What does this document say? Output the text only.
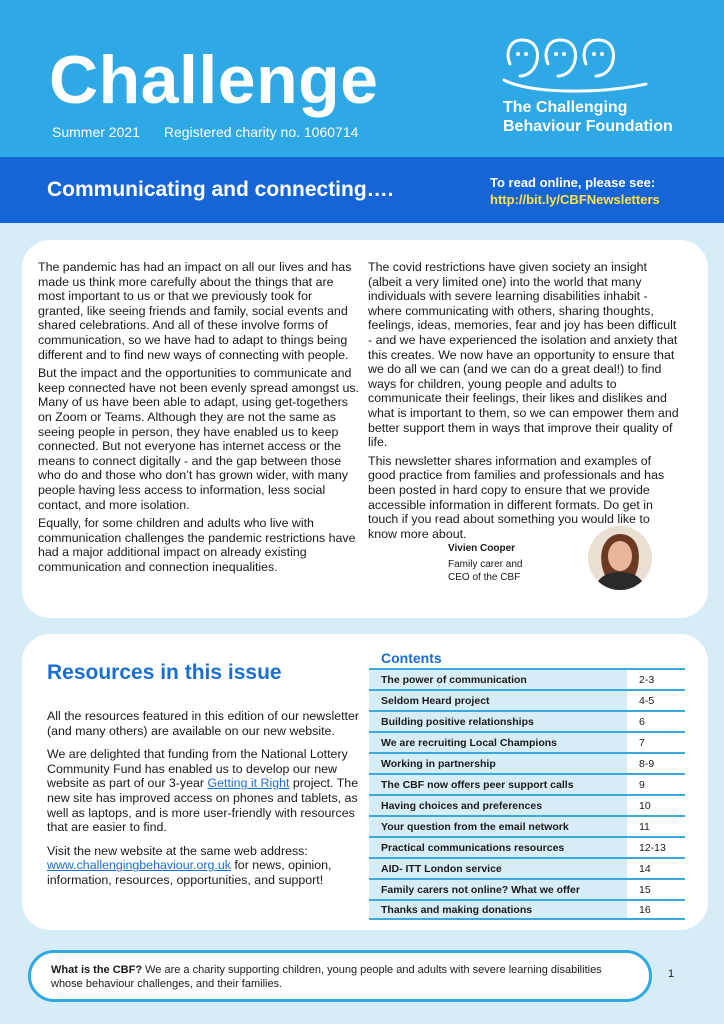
Challenge
Summer 2021 Registered charity no. 1060714
The Challenging
Behaviour Foundation
Communicating and connecting….	To read online, please see:
http://bit.ly/CBFNewsletters

The pandemic has had an impact on all our lives and has made us think more carefully about the things that are most important to us or that we previously took for granted, like seeing friends and family, social events and shared celebrations. And all of these involve forms of communication, so we have had to adapt to things being different and to find new ways of connecting with people.

But the impact and the opportunities to communicate and keep connected have not been evenly spread amongst us. Many of us have been able to adapt, using get-togethers on Zoom or Teams. Although they are not the same as seeing people in person, they have enabled us to keep connected. But not everyone has internet access or the means to connect digitally - and the gap between those who do and those who don’t has grown wider, with many people having less access to information, less social contact, and more isolation.

Equally, for some children and adults who live with communication challenges the pandemic restrictions have had a major additional impact on already existing communication and connection inequalities.

The covid restrictions have given society an insight (albeit a very limited one) into the world that many individuals with severe learning disabilities inhabit - where communicating with others, sharing thoughts, feelings, ideas, memories, fear and joy has been difficult - and we have experienced the isolation and anxiety that this creates. We now have an opportunity to ensure that we do all we can (and we can do a great deal!) to find ways for children, young people and adults to communicate their feelings, their likes and dislikes and what is important to them, so we can empower them and better support them in ways that improve their quality of life.

This newsletter shares information and examples of good practice from families and professionals and has been posted in hard copy to ensure that we provide accessible information in different formats. Do get in touch if you read about something you would like to know more about.

Vivien Cooper
Family carer and
CEO of the CBF
Resources in this issue

All the resources featured in this edition of our newsletter (and many others) are available on our new website.

We are delighted that funding from the National Lottery Community Fund has enabled us to develop our new website as part of our 3-year Getting it Right project. The new site has improved access on phones and tablets, as well as laptops, and is more user-friendly with resources that are easier to find.

Visit the new website at the same web address: www.challengingbehaviour.org.uk for news, opinion, information, resources, opportunities, and support!

Contents
The power of communication	2-3
Seldom Heard project	4-5
Building positive relationships	6
We are recruiting Local Champions	7
Working in partnership	8-9
The CBF now offers peer support calls	9
Having choices and preferences	10
Your question from the email network	11
Practical communications resources	12-13
AID- ITT London service	14
Family carers not online? What we offer	15
Thanks and making donations	16
What is the CBF? We are a charity supporting children, young people and adults with severe learning disabilities whose behaviour challenges, and their families.
1
